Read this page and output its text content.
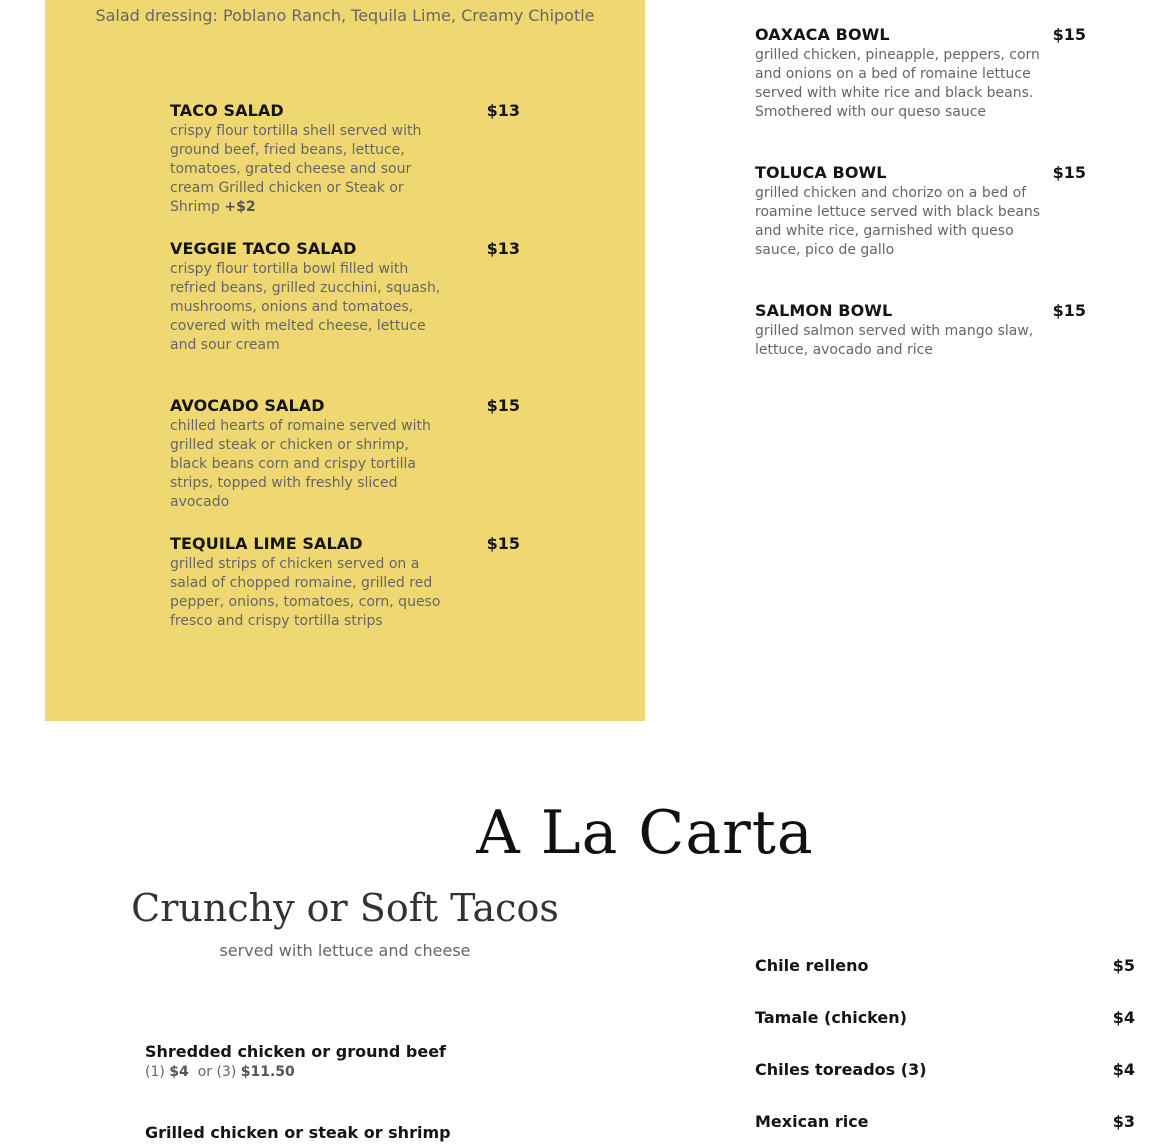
Salad dressing: Poblano Ranch, Tequila Lime, Creamy Chipotle
TACO SALAD	$13
crispy flour tortilla shell served with ground beef, fried beans, lettuce, tomatoes, grated cheese and sour cream Grilled chicken or Steak or Shrimp +$2
VEGGIE TACO SALAD	$13
crispy flour tortilla bowl filled with refried beans, grilled zucchini, squash, mushrooms, onions and tomatoes, covered with melted cheese, lettuce and sour cream
AVOCADO SALAD	$15
chilled hearts of romaine served with grilled steak or chicken or shrimp, black beans corn and crispy tortilla strips, topped with freshly sliced avocado
TEQUILA LIME SALAD	$15
grilled strips of chicken served on a salad of chopped romaine, grilled red pepper, onions, tomatoes, corn, queso fresco and crispy tortilla strips
OAXACA BOWL	$15
grilled chicken, pineapple, peppers, corn and onions on a bed of romaine lettuce served with white rice and black beans. Smothered with our queso sauce
TOLUCA BOWL	$15
grilled chicken and chorizo on a bed of roamine lettuce served with black beans and white rice, garnished with queso sauce, pico de gallo
SALMON BOWL	$15
grilled salmon served with mango slaw, lettuce, avocado and rice
A La Carta
Crunchy or Soft Tacos
served with lettuce and cheese
Shredded chicken or ground beef
(1) $4 or (3) $11.50
Grilled chicken or steak or shrimp
Chile relleno	$5
Tamale (chicken)	$4
Chiles toreados (3)	$4
Mexican rice	$3
